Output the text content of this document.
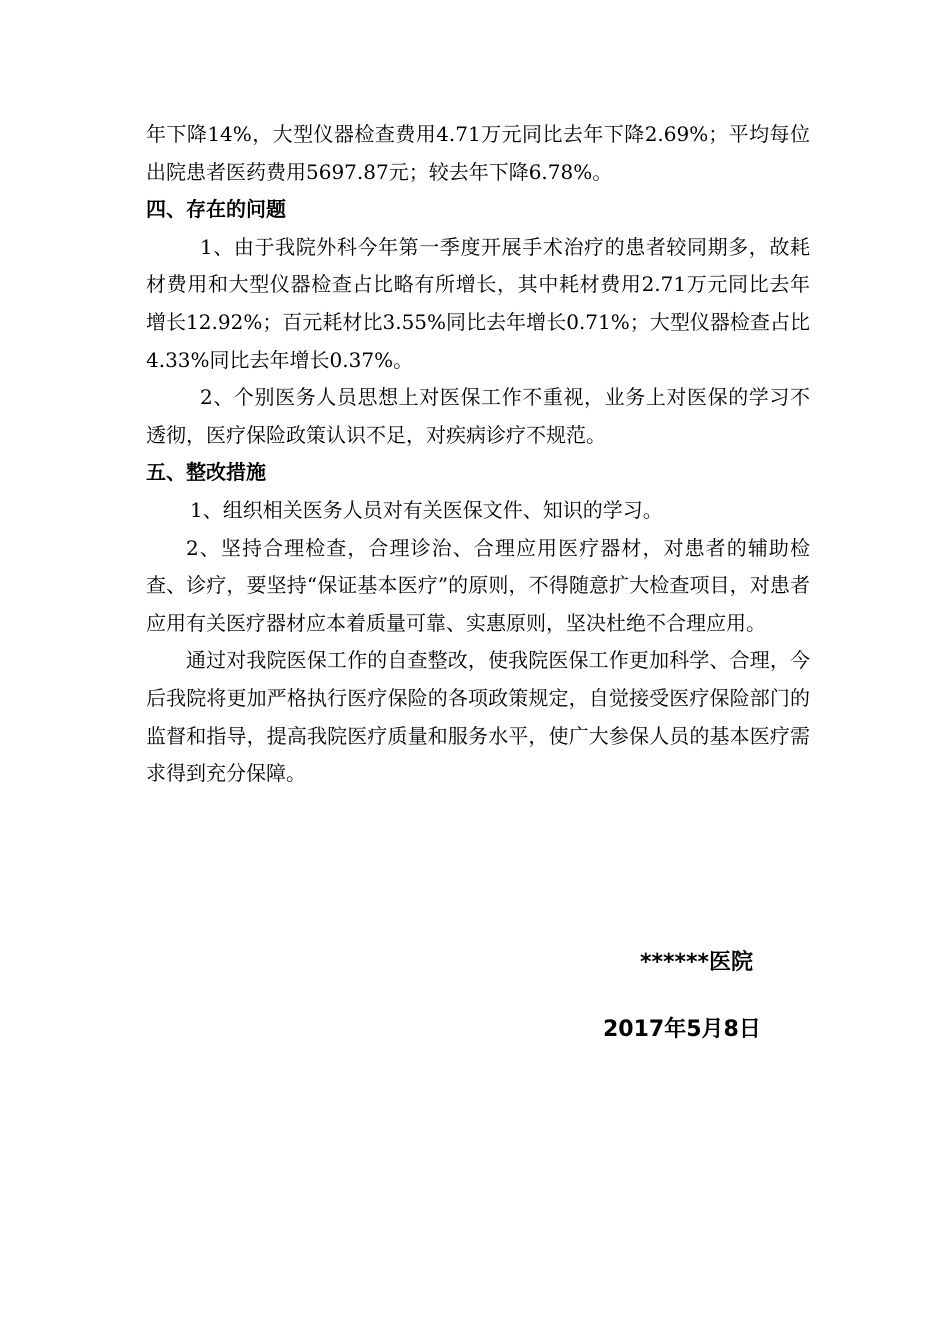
年下降14%，大型仪器检查费用4.71万元同比去年下降2.69%；平均每位出院患者医药费用5697.87元；较去年下降6.78%。

四、存在的问题

1、由于我院外科今年第一季度开展手术治疗的患者较同期多，故耗材费用和大型仪器检查占比略有所增长，其中耗材费用2.71万元同比去年增长12.92%；百元耗材比3.55%同比去年增长0.71%；大型仪器检查占比4.33%同比去年增长0.37%。

2、个别医务人员思想上对医保工作不重视，业务上对医保的学习不透彻，医疗保险政策认识不足，对疾病诊疗不规范。

五、整改措施

1、组织相关医务人员对有关医保文件、知识的学习。

2、坚持合理检查，合理诊治、合理应用医疗器材，对患者的辅助检查、诊疗，要坚持“保证基本医疗”的原则，不得随意扩大检查项目，对患者应用有关医疗器材应本着质量可靠、实惠原则，坚决杜绝不合理应用。

通过对我院医保工作的自查整改，使我院医保工作更加科学、合理，今后我院将更加严格执行医疗保险的各项政策规定，自觉接受医疗保险部门的监督和指导，提高我院医疗质量和服务水平，使广大参保人员的基本医疗需求得到充分保障。

******医院
2017年5月8日
